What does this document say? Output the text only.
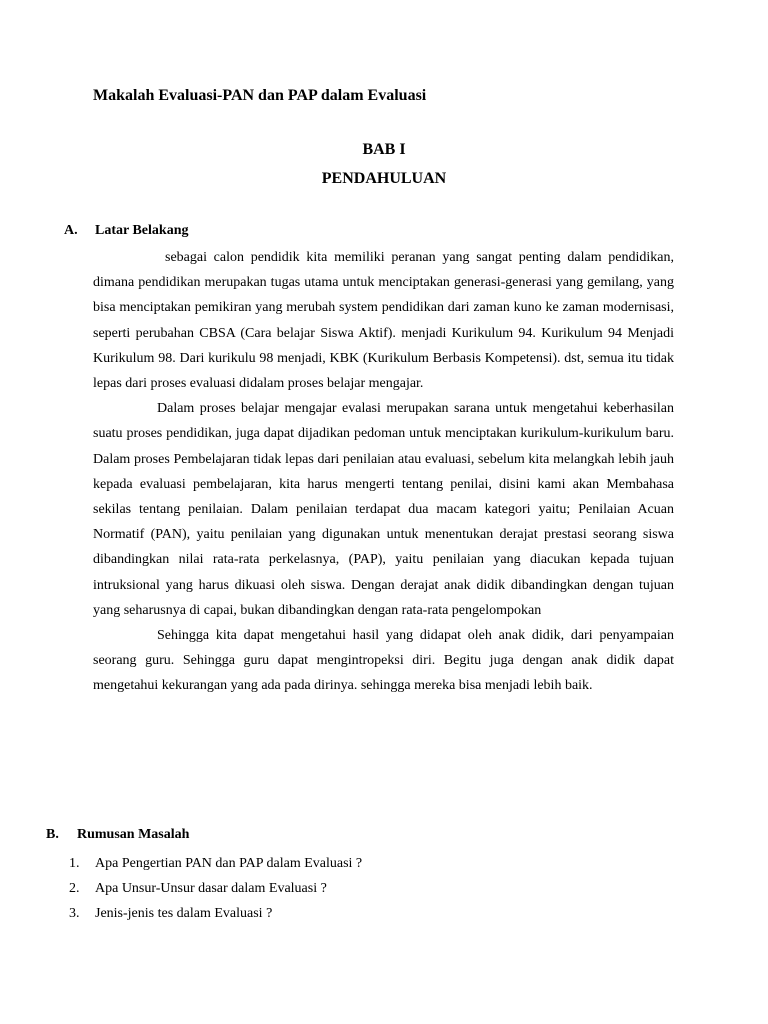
Makalah Evaluasi-PAN dan PAP dalam Evaluasi
BAB I
PENDAHULUAN
A. Latar Belakang

sebagai calon pendidik kita memiliki peranan yang sangat penting dalam pendidikan, dimana pendidikan merupakan tugas utama untuk menciptakan generasi-generasi yang gemilang, yang bisa menciptakan pemikiran yang merubah system pendidikan dari zaman kuno ke zaman modernisasi, seperti perubahan CBSA (Cara belajar Siswa Aktif). menjadi Kurikulum 94. Kurikulum 94 Menjadi Kurikulum 98. Dari kurikulu 98 menjadi, KBK (Kurikulum Berbasis Kompetensi). dst, semua itu tidak lepas dari proses evaluasi didalam proses belajar mengajar.

Dalam proses belajar mengajar evalasi merupakan sarana untuk mengetahui keberhasilan suatu proses pendidikan, juga dapat dijadikan pedoman untuk menciptakan kurikulum-kurikulum baru. Dalam proses Pembelajaran tidak lepas dari penilaian atau evaluasi, sebelum kita melangkah lebih jauh kepada evaluasi pembelajaran, kita harus mengerti tentang penilai, disini kami akan Membahasa sekilas tentang penilaian. Dalam penilaian terdapat dua macam kategori yaitu; Penilaian Acuan Normatif (PAN), yaitu penilaian yang digunakan untuk menentukan derajat prestasi seorang siswa dibandingkan nilai rata-rata perkelasnya, (PAP), yaitu penilaian yang diacukan kepada tujuan intruksional yang harus dikuasi oleh siswa. Dengan derajat anak didik dibandingkan dengan tujuan yang seharusnya di capai, bukan dibandingkan dengan rata-rata pengelompokan

Sehingga kita dapat mengetahui hasil yang didapat oleh anak didik, dari penyampaian seorang guru. Sehingga guru dapat mengintropeksi diri. Begitu juga dengan anak didik dapat mengetahui kekurangan yang ada pada dirinya. sehingga mereka bisa menjadi lebih baik.

B. Rumusan Masalah
1. Apa Pengertian PAN dan PAP dalam Evaluasi ?
2. Apa Unsur-Unsur dasar dalam Evaluasi ?
3. Jenis-jenis tes dalam Evaluasi ?
